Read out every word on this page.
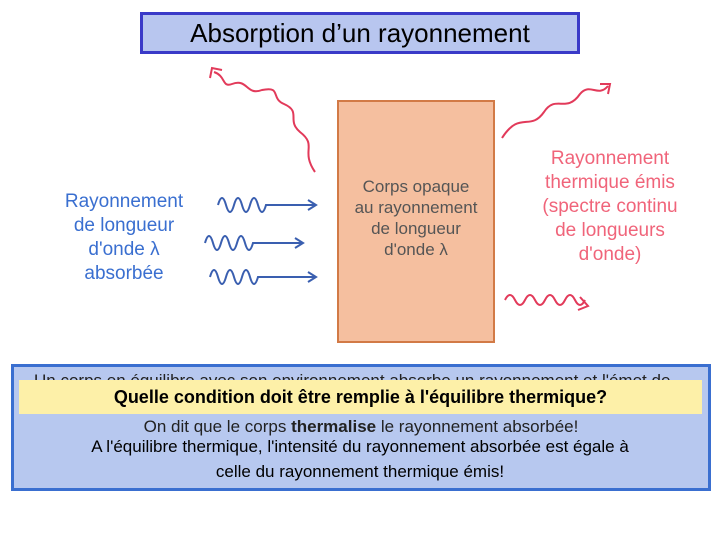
Absorption d’un rayonnement
Corps opaque
au rayonnement
de longueur
d'onde λ
Rayonnement
de longueur
d'onde λ
absorbée
Rayonnement
thermique émis
(spectre continu
de longueurs
d'onde)
On dit que le corps thermalise le rayonnement absorbée!
Quelle condition doit être remplie à l'équilibre thermique?
A l'équilibre thermique, l'intensité du rayonnement absorbée est égale à
celle du rayonnement thermique émis!
